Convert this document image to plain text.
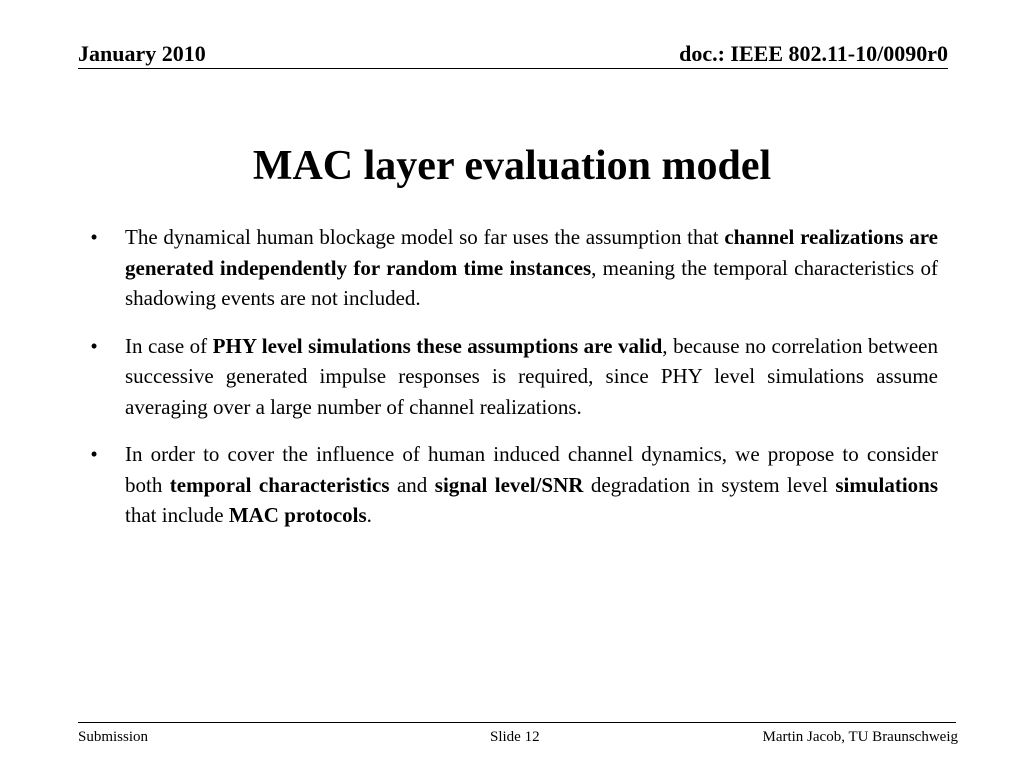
January 2010	doc.: IEEE 802.11-10/0090r0
MAC layer evaluation model
• The dynamical human blockage model so far uses the assumption that channel realizations are generated independently for random time instances, meaning the temporal characteristics of shadowing events are not included.
• In case of PHY level simulations these assumptions are valid, because no correlation between successive generated impulse responses is required, since PHY level simulations assume averaging over a large number of channel realizations.
• In order to cover the influence of human induced channel dynamics, we propose to consider both temporal characteristics and signal level/SNR degradation in system level simulations that include MAC protocols.
Submission	Slide 12	Martin Jacob, TU Braunschweig
